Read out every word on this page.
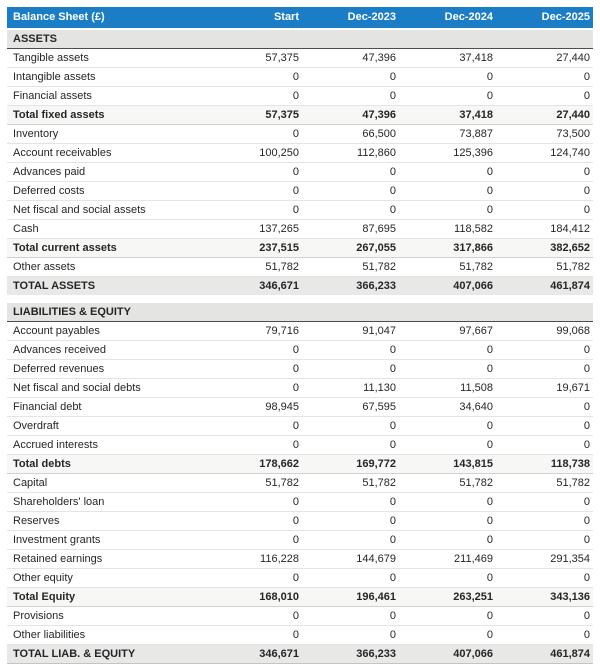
Balance Sheet (£)	Start	Dec-2023	Dec-2024	Dec-2025
ASSETS				
Tangible assets	57,375	47,396	37,418	27,440
Intangible assets	0	0	0	0
Financial assets	0	0	0	0
Total fixed assets	57,375	47,396	37,418	27,440
Inventory	0	66,500	73,887	73,500
Account receivables	100,250	112,860	125,396	124,740
Advances paid	0	0	0	0
Deferred costs	0	0	0	0
Net fiscal and social assets	0	0	0	0
Cash	137,265	87,695	118,582	184,412
Total current assets	237,515	267,055	317,866	382,652
Other assets	51,782	51,782	51,782	51,782
TOTAL ASSETS	346,671	366,233	407,066	461,874
LIABILITIES & EQUITY				
Account payables	79,716	91,047	97,667	99,068
Advances received	0	0	0	0
Deferred revenues	0	0	0	0
Net fiscal and social debts	0	11,130	11,508	19,671
Financial debt	98,945	67,595	34,640	0
Overdraft	0	0	0	0
Accrued interests	0	0	0	0
Total debts	178,662	169,772	143,815	118,738
Capital	51,782	51,782	51,782	51,782
Shareholders' loan	0	0	0	0
Reserves	0	0	0	0
Investment grants	0	0	0	0
Retained earnings	116,228	144,679	211,469	291,354
Other equity	0	0	0	0
Total Equity	168,010	196,461	263,251	343,136
Provisions	0	0	0	0
Other liabilities	0	0	0	0
TOTAL LIAB. & EQUITY	346,671	366,233	407,066	461,874
